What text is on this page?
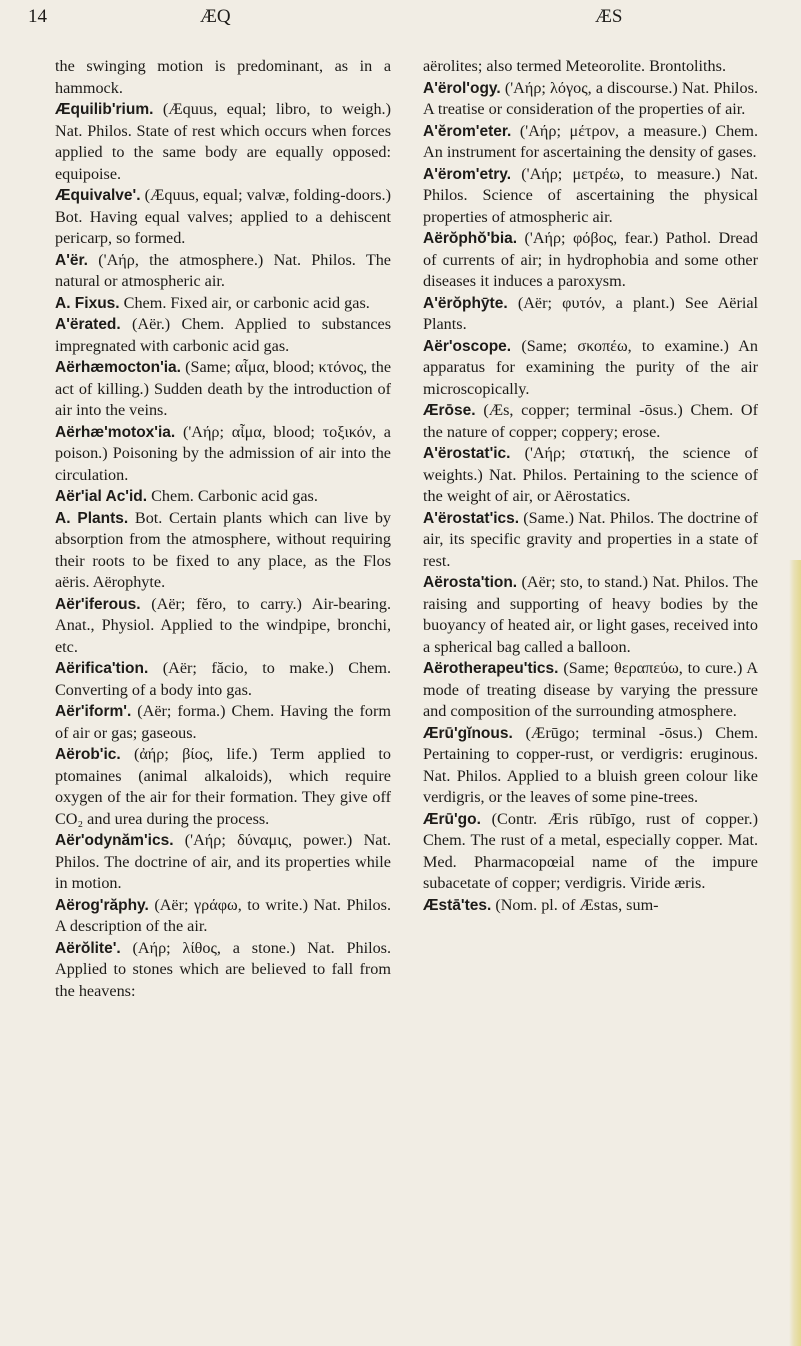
14	ÆQ	ÆS

the swinging motion is predominant, as in a hammock.

Æquilib'rium. (Æquus, equal; libro, to weigh.) Nat. Philos. State of rest which occurs when forces applied to the same body are equally opposed: equipoise.

Æquivalve'. (Æquus, equal; valvæ, folding-doors.) Bot. Having equal valves; applied to a dehiscent pericarp, so formed.

A'ër. ('Aήρ, the atmosphere.) Nat. Philos. The natural or atmospheric air.

A. Fixus. Chem. Fixed air, or carbonic acid gas.

A'ërated. (Aër.) Chem. Applied to substances impregnated with carbonic acid gas.

Aërhæmocton'ia. (Same; αἷμα, blood; κτόνος, the act of killing.) Sudden death by the introduction of air into the veins.

Aërhæ'motox'ia. ('Aήρ; αἷμα, blood; τοξικόν, a poison.) Poisoning by the admission of air into the circulation.

Aër'ial Ac'id. Chem. Carbonic acid gas.

A. Plants. Bot. Certain plants which can live by absorption from the atmosphere, without requiring their roots to be fixed to any place, as the Flos aëris. Aërophyte.

Aër'iferous. (Aër; fĕro, to carry.) Air-bearing. Anat., Physiol. Applied to the windpipe, bronchi, etc.

Aërifica'tion. (Aër; făcio, to make.) Chem. Converting of a body into gas.

Aër'iform'. (Aër; forma.) Chem. Having the form of air or gas; gaseous.

Aërob'ic. (ἀήρ; βίος, life.) Term applied to ptomaines (animal alkaloids), which require oxygen of the air for their formation. They give off CO₂ and urea during the process.

Aër'odynăm'ics. ('Aήρ; δύναμις, power.) Nat. Philos. The doctrine of air, and its properties while in motion.

Aërog'răphy. (Aër; γράφω, to write.) Nat. Philos. A description of the air.

Aërŏlite'. (Aήρ; λίθος, a stone.) Nat. Philos. Applied to stones which are believed to fall from the heavens:

aërolites; also termed Meteorolite. Brontoliths.

A'ërol'ogy. ('Aήρ; λόγος, a discourse.) Nat. Philos. A treatise or consideration of the properties of air.

A'ĕrom'eter. ('Aήρ; μέτρον, a measure.) Chem. An instrument for ascertaining the density of gases.

A'ërom'etry. ('Aήρ; μετρέω, to measure.) Nat. Philos. Science of ascertaining the physical properties of atmospheric air.

Aërŏphŏ'bia. ('Aήρ; φόβος, fear.) Pathol. Dread of currents of air; in hydrophobia and some other diseases it induces a paroxysm.

A'ërŏphȳte. (Aër; φυτόν, a plant.) See Aërial Plants.

Aër'oscope. (Same; σκοπέω, to examine.) An apparatus for examining the purity of the air microscopically.

Ærōse. (Æs, copper; terminal -ōsus.) Chem. Of the nature of copper; coppery; erose.

A'ërostat'ic. ('Aήρ; στατική, the science of weights.) Nat. Philos. Pertaining to the science of the weight of air, or Aërostatics.

A'ërostat'ics. (Same.) Nat. Philos. The doctrine of air, its specific gravity and properties in a state of rest.

Aërosta'tion. (Aër; sto, to stand.) Nat. Philos. The raising and supporting of heavy bodies by the buoyancy of heated air, or light gases, received into a spherical bag called a balloon.

Aërotherapeu'tics. (Same; θεραπεύω, to cure.) A mode of treating disease by varying the pressure and composition of the surrounding atmosphere.

Ærū'gĭnous. (Ærūgo; terminal -ōsus.) Chem. Pertaining to copper-rust, or verdigris: eruginous. Nat. Philos. Applied to a bluish green colour like verdigris, or the leaves of some pine-trees.

Ærū'go. (Contr. Æris rūbīgo, rust of copper.) Chem. The rust of a metal, especially copper. Mat. Med. Pharmacopœial name of the impure subacetate of copper; verdigris. Viride æris.

Æstā'tes. (Nom. pl. of Æstas, sum-
